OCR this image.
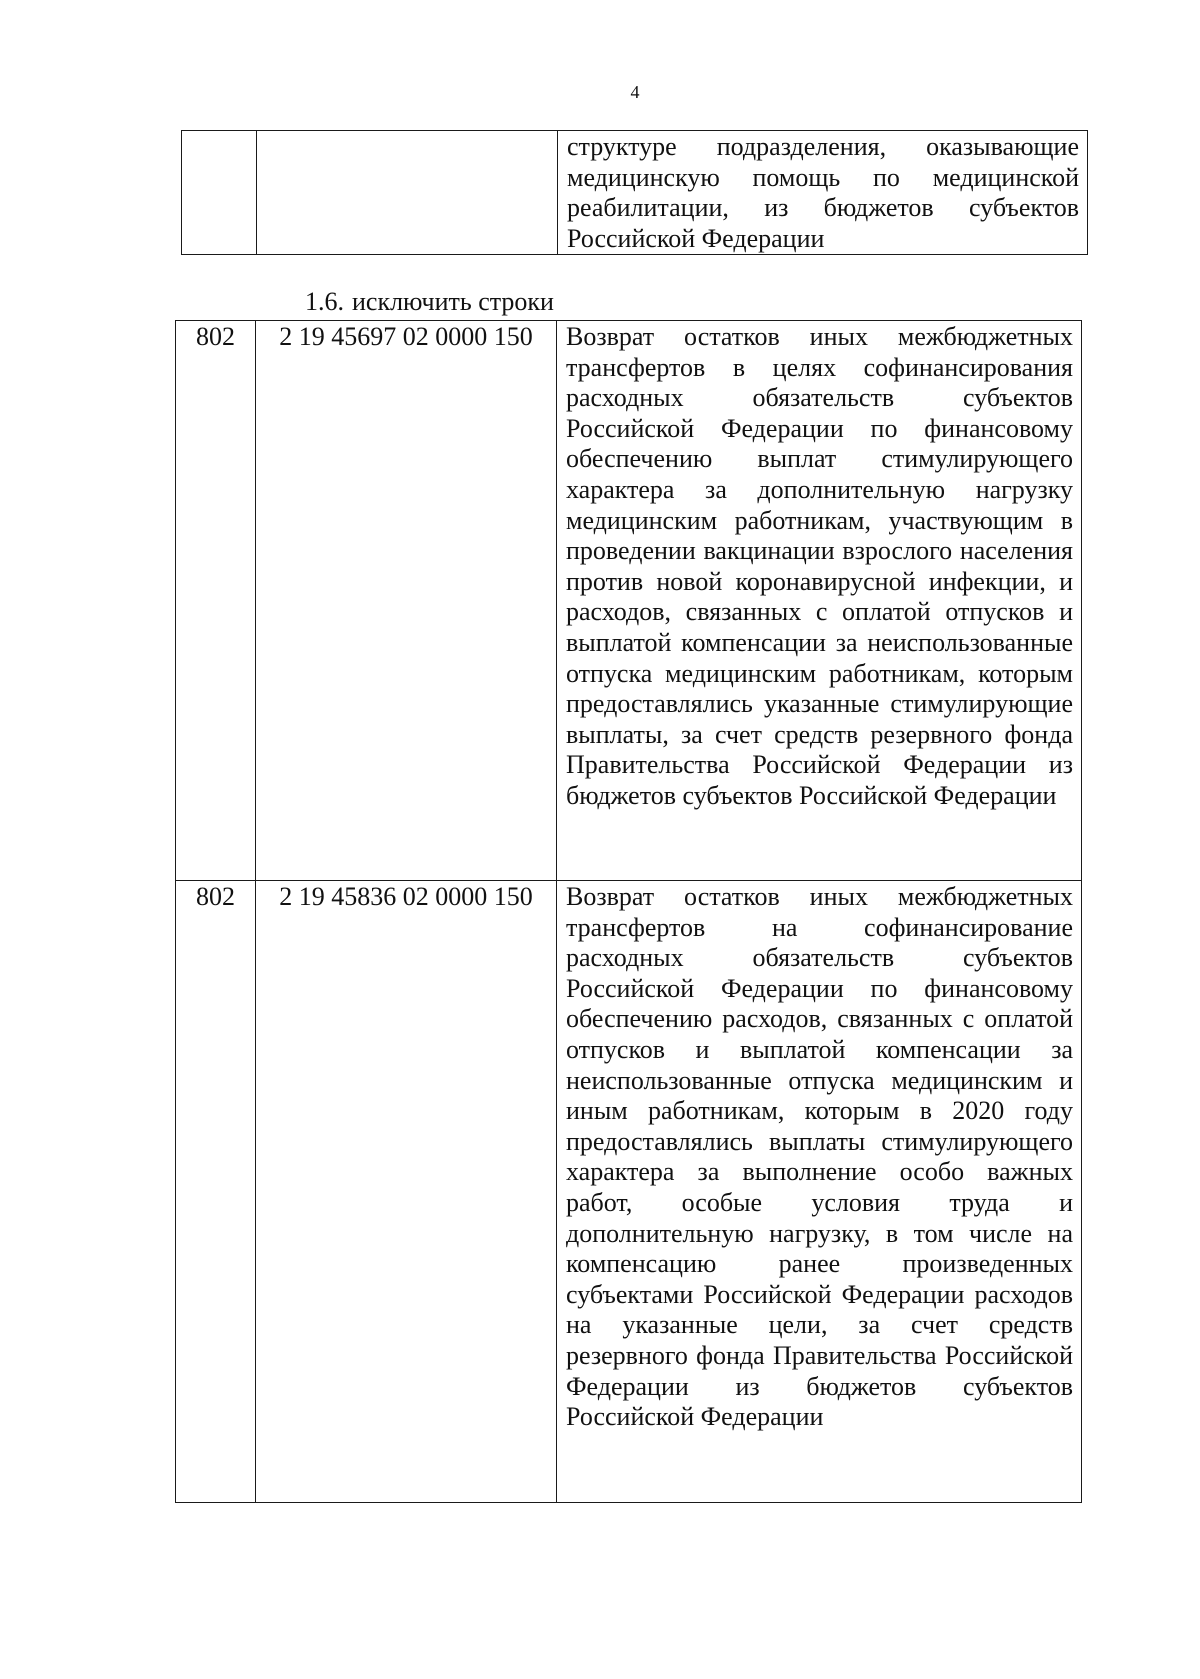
4
		структуре подразделения, оказывающие медицинскую помощь по медицинской реабилитации, из бюджетов субъектов Российской Федерации
1.6. исключить строки
802	2 19 45697 02 0000 150	Возврат остатков иных межбюджетных трансфертов в целях софинансирования расходных обязательств субъектов Российской Федерации по финансовому обеспечению выплат стимулирующего характера за дополнительную нагрузку медицинским работникам, участвующим в проведении вакцинации взрослого населения против новой коронавирусной инфекции, и расходов, связанных с оплатой отпусков и выплатой компенсации за неиспользованные отпуска медицинским работникам, которым предоставлялись указанные стимулирующие выплаты, за счет средств резервного фонда Правительства Российской Федерации из бюджетов субъектов Российской Федерации
802	2 19 45836 02 0000 150	Возврат остатков иных межбюджетных трансфертов на софинансирование расходных обязательств субъектов Российской Федерации по финансовому обеспечению расходов, связанных с оплатой отпусков и выплатой компенсации за неиспользованные отпуска медицинским и иным работникам, которым в 2020 году предоставлялись выплаты стимулирующего характера за выполнение особо важных работ, особые условия труда и дополнительную нагрузку, в том числе на компенсацию ранее произведенных субъектами Российской Федерации расходов на указанные цели, за счет средств резервного фонда Правительства Российской Федерации из бюджетов субъектов Российской Федерации
